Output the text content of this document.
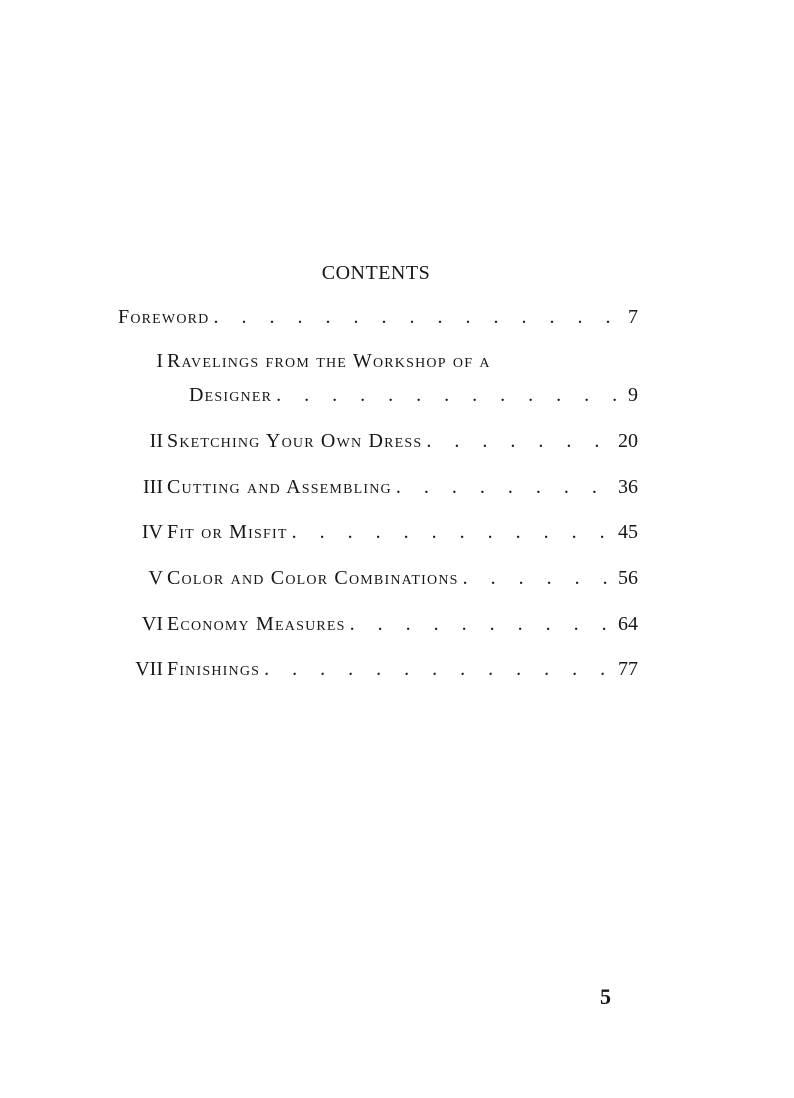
CONTENTS
Foreword . . .	7
I Ravelings from the Workshop of a
Designer . . .	9
II Sketching Your Own Dress . . .	20
III Cutting and Assembling . . .	36
IV Fit or Misfit . . .	45
V Color and Color Combinations . . .	56
VI Economy Measures . . .	64
VII Finishings . . .	77
5
